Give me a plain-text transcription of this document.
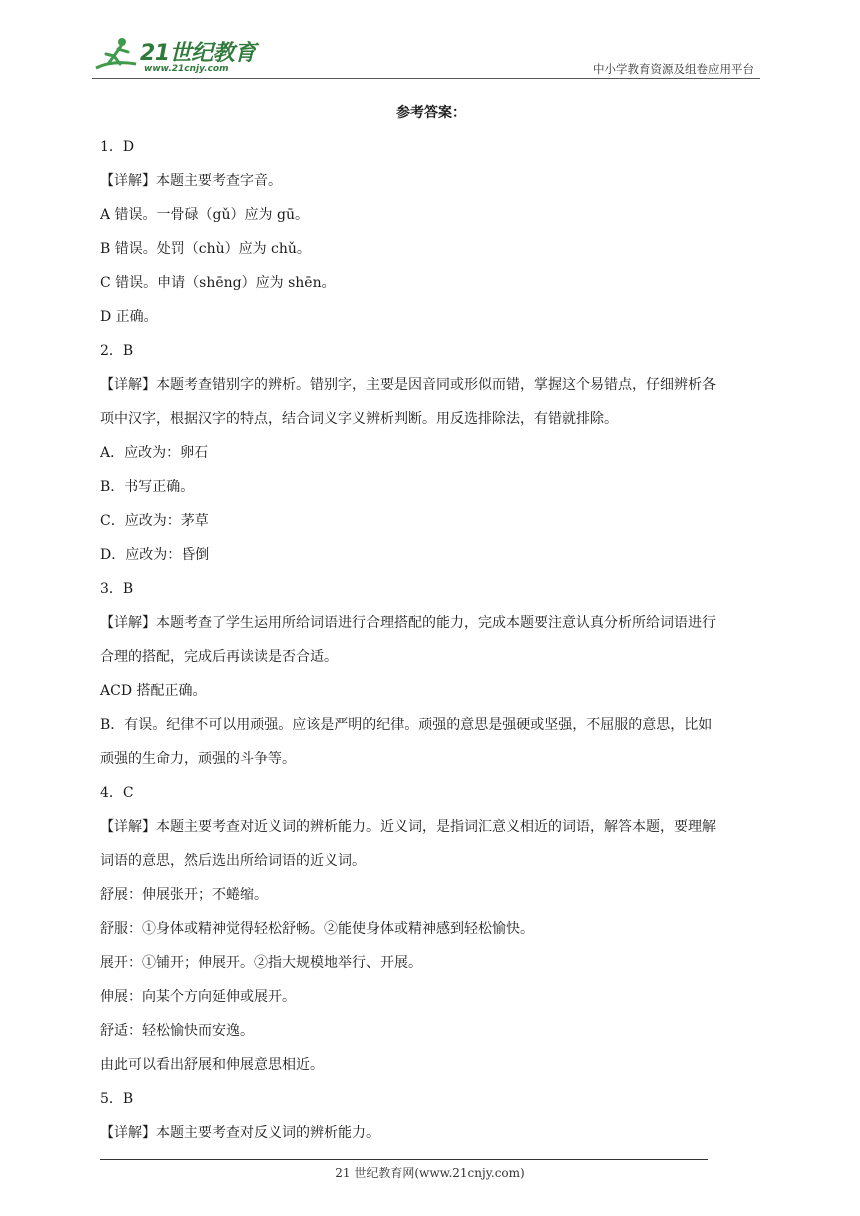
21世纪教育
www.21cnjy.com	中小学教育资源及组卷应用平台
参考答案：
1．D
【详解】本题主要考查字音。
A 错误。一骨碌（gǔ）应为 gū。
B 错误。处罚（chù）应为 chǔ。
C 错误。申请（shēng）应为 shēn。
D 正确。
2．B
【详解】本题考查错别字的辨析。错别字，主要是因音同或形似而错，掌握这个易错点，仔细辨析各
项中汉字，根据汉字的特点，结合词义字义辨析判断。用反选排除法，有错就排除。
A．应改为：卵石
B．书写正确。
C．应改为：茅草
D．应改为：昏倒
3．B
【详解】本题考查了学生运用所给词语进行合理搭配的能力，完成本题要注意认真分析所给词语进行
合理的搭配，完成后再读读是否合适。
ACD 搭配正确。
B．有误。纪律不可以用顽强。应该是严明的纪律。顽强的意思是强硬或坚强，不屈服的意思，比如
顽强的生命力，顽强的斗争等。
4．C
【详解】本题主要考查对近义词的辨析能力。近义词，是指词汇意义相近的词语，解答本题，要理解
词语的意思，然后选出所给词语的近义词。
舒展：伸展张开；不蜷缩。
舒服：①身体或精神觉得轻松舒畅。②能使身体或精神感到轻松愉快。
展开：①铺开；伸展开。②指大规模地举行、开展。
伸展：向某个方向延伸或展开。
舒适：轻松愉快而安逸。
由此可以看出舒展和伸展意思相近。
5．B
【详解】本题主要考查对反义词的辨析能力。
21 世纪教育网(www.21cnjy.com)
